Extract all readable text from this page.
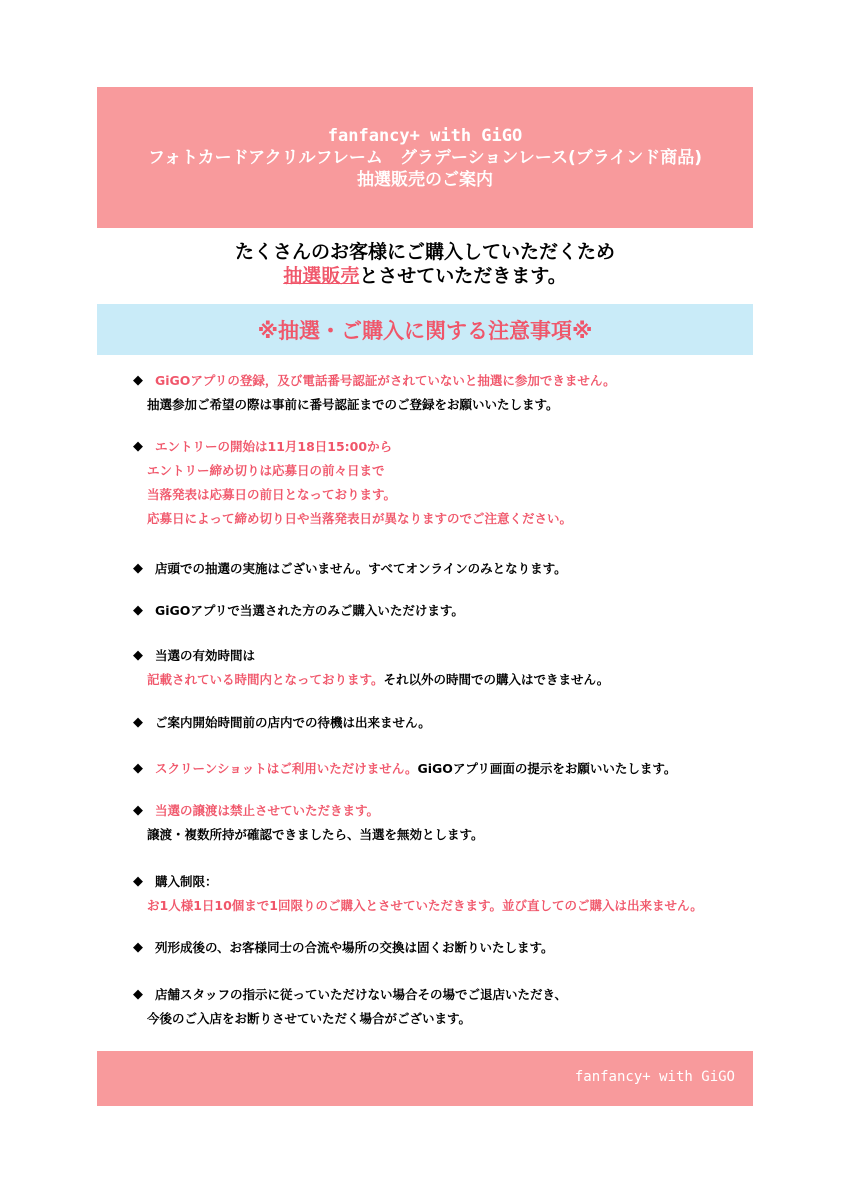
fanfancy+ with GiGO
フォトカードアクリルフレーム　グラデーションレース(ブラインド商品)
抽選販売のご案内
たくさんのお客様にご購入していただくため
抽選販売とさせていただきます。
※抽選・ご購入に関する注意事項※
◆ GiGOアプリの登録，及び電話番号認証がされていないと抽選に参加できません。
抽選参加ご希望の際は事前に番号認証までのご登録をお願いいたします。
◆ エントリーの開始は11月18日15:00から
エントリー締め切りは応募日の前々日まで
当落発表は応募日の前日となっております。
応募日によって締め切り日や当落発表日が異なりますのでご注意ください。
◆ 店頭での抽選の実施はございません。すべてオンラインのみとなります。
◆ GiGOアプリで当選された方のみご購入いただけます。
◆ 当選の有効時間は
記載されている時間内となっております。それ以外の時間での購入はできません。
◆ ご案内開始時間前の店内での待機は出来ません。
◆ スクリーンショットはご利用いただけません。 GiGOアプリ画面の提示をお願いいたします。
◆ 当選の譲渡は禁止させていただきます。
譲渡・複数所持が確認できましたら、当選を無効とします。
◆ 購入制限：
お1人様1日10個まで1回限りのご購入とさせていただきます。並び直してのご購入は出来ません。
◆ 列形成後の、お客様同士の合流や場所の交換は固くお断りいたします。
◆ 店舗スタッフの指示に従っていただけない場合その場でご退店いただき、
今後のご入店をお断りさせていただく場合がございます。
fanfancy+ with GiGO
